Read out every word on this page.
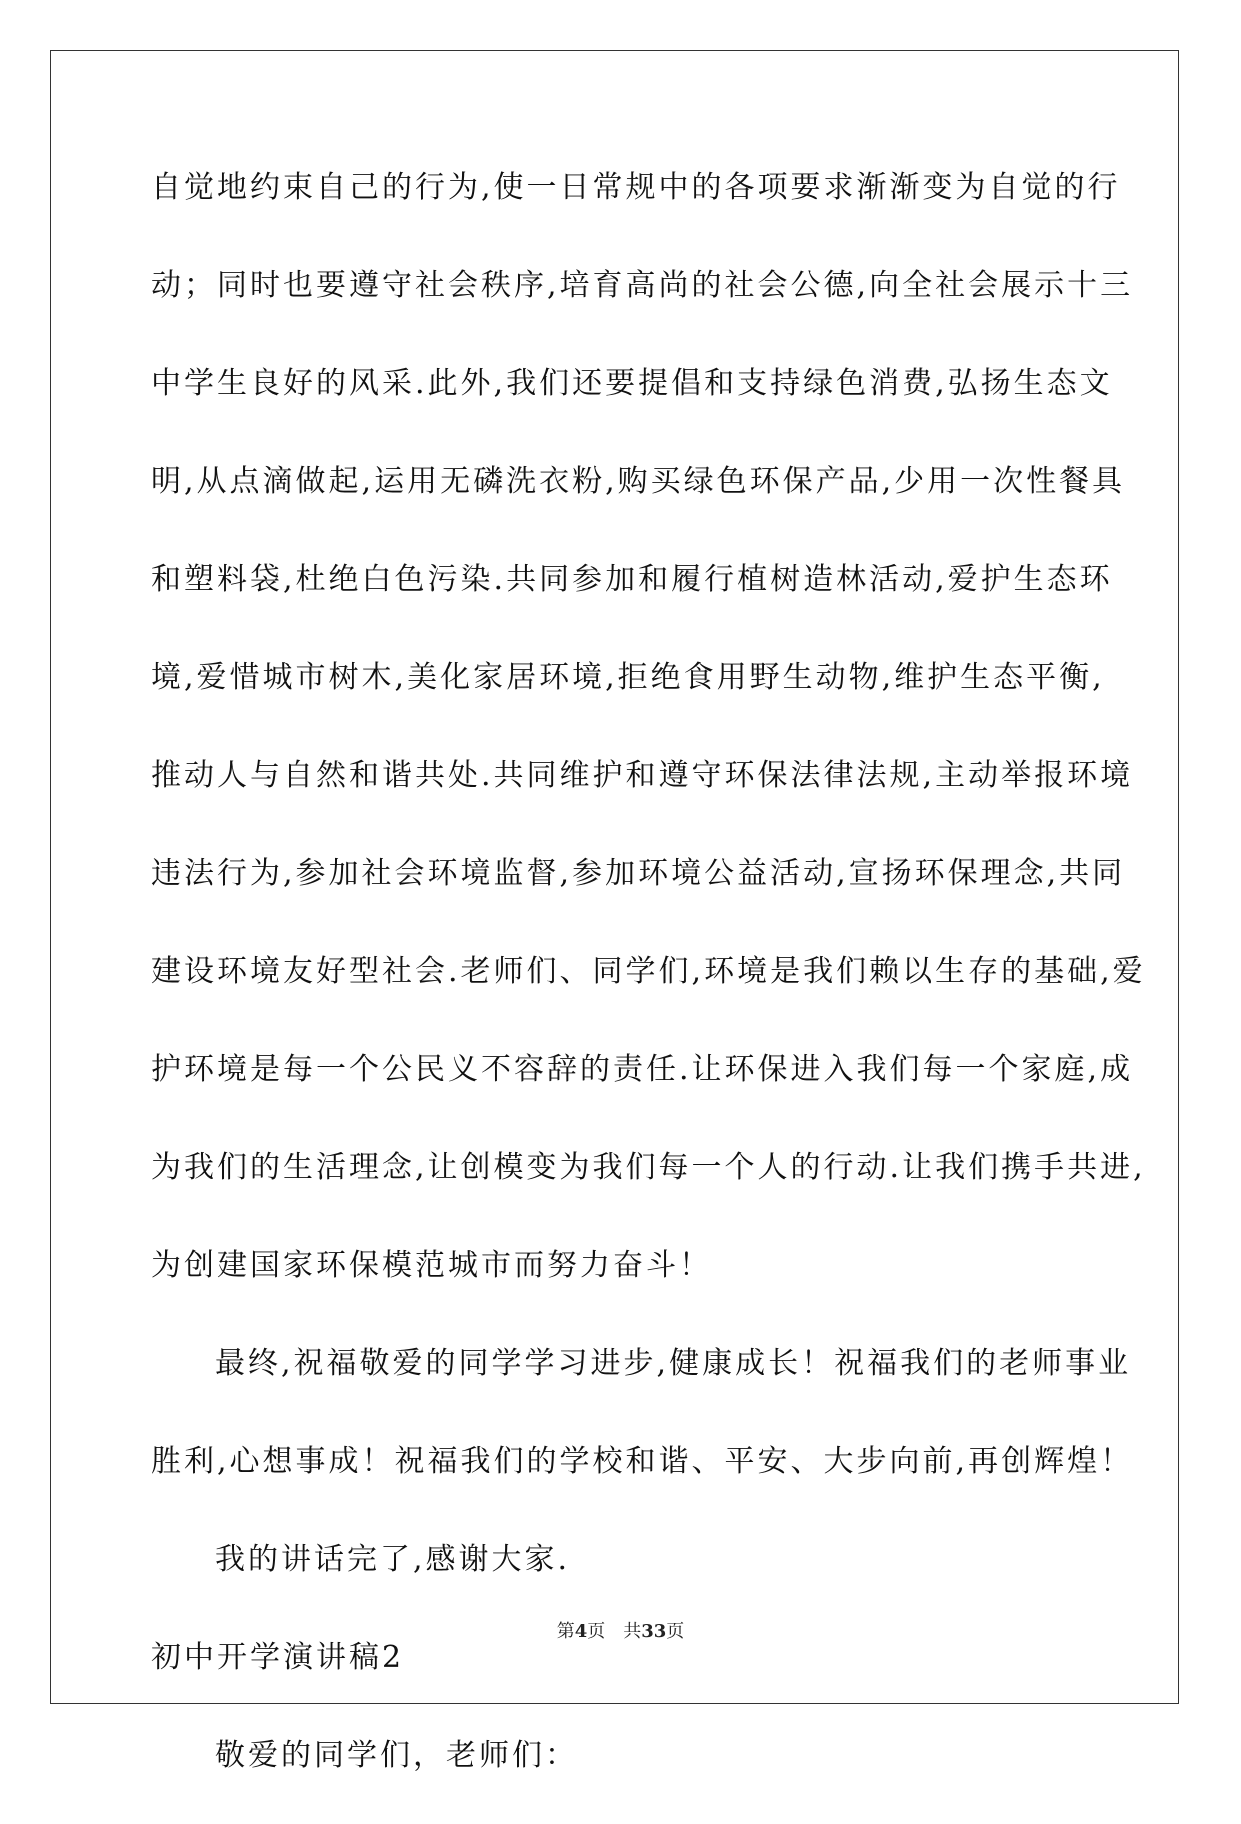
自觉地约束自己的行为,使一日常规中的各项要求渐渐变为自觉的行
动；同时也要遵守社会秩序,培育高尚的社会公德,向全社会展示十三
中学生良好的风采.此外,我们还要提倡和支持绿色消费,弘扬生态文
明,从点滴做起,运用无磷洗衣粉,购买绿色环保产品,少用一次性餐具
和塑料袋,杜绝白色污染.共同参加和履行植树造林活动,爱护生态环
境,爱惜城市树木,美化家居环境,拒绝食用野生动物,维护生态平衡,
推动人与自然和谐共处.共同维护和遵守环保法律法规,主动举报环境
违法行为,参加社会环境监督,参加环境公益活动,宣扬环保理念,共同
建设环境友好型社会.老师们、同学们,环境是我们赖以生存的基础,爱
护环境是每一个公民义不容辞的责任.让环保进入我们每一个家庭,成
为我们的生活理念,让创模变为我们每一个人的行动.让我们携手共进,
为创建国家环保模范城市而努力奋斗！
最终,祝福敬爱的同学学习进步,健康成长！祝福我们的老师事业
胜利,心想事成！祝福我们的学校和谐、平安、大步向前,再创辉煌！
我的讲话完了,感谢大家.
初中开学演讲稿2
敬爱的同学们，老师们：
第4页 共33页
